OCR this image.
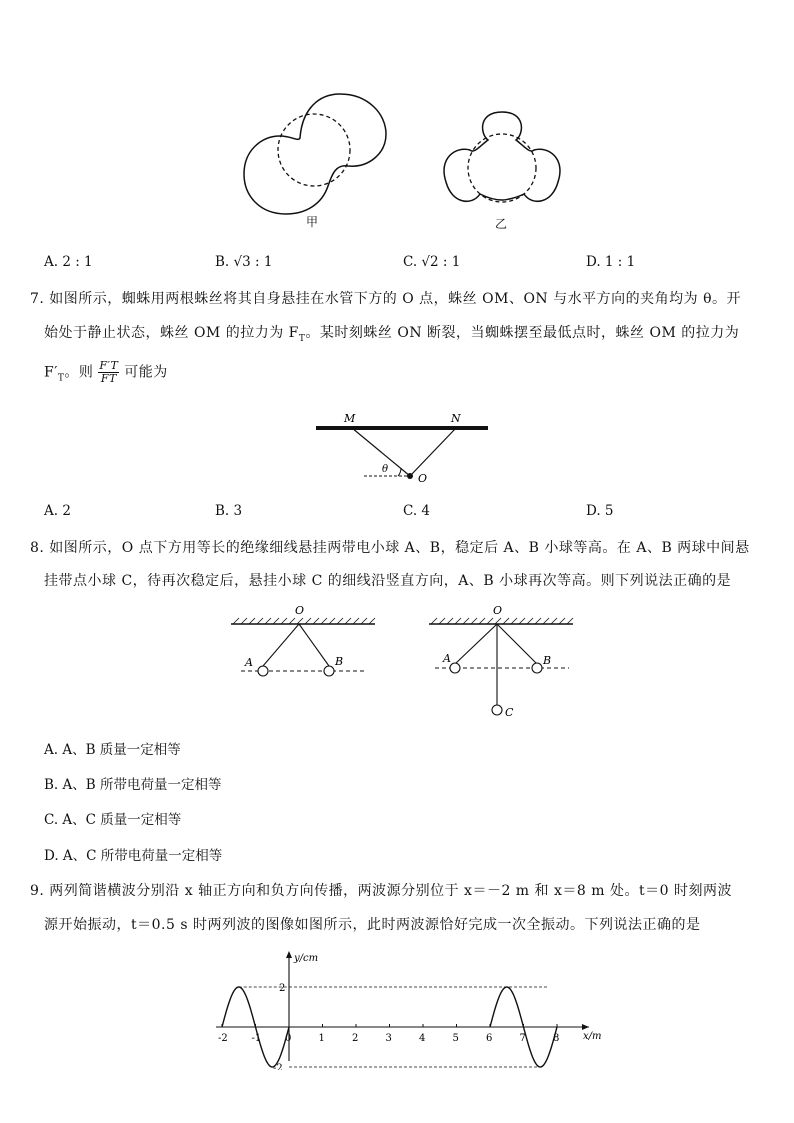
甲	乙
A. 2 : 1	B. √3 : 1	C. √2 : 1	D. 1 : 1
7. 如图所示，蜘蛛用两根蛛丝将其自身悬挂在水管下方的 O 点，蛛丝 OM、ON 与水平方向的夹角均为 θ。开
始处于静止状态，蛛丝 OM 的拉力为 $F_T$。某时刻蛛丝 ON 断裂，当蜘蛛摆至最低点时，蛛丝 OM 的拉力为
$F'_T$。则 $\frac{F'T}{FT}$ 可能为
M	N
O
θ
A. 2	B. 3	C. 4	D. 5
8. 如图所示，O 点下方用等长的绝缘细线悬挂两带电小球 A、B，稳定后 A、B 小球等高。在 A、B 两球中间悬
挂带点小球 C，待再次稳定后，悬挂小球 C 的细线沿竖直方向，A、B 小球再次等高。则下列说法正确的是
O
A	B
O
A	B
C
A. A、B 质量一定相等
B. A、B 所带电荷量一定相等
C. A、C 质量一定相等
D. A、C 所带电荷量一定相等
9. 两列简谐横波分别沿 x 轴正方向和负方向传播，两波源分别位于 x＝－2 m 和 x＝8 m 处。t＝0 时刻两波
源开始振动，t＝0.5 s 时两列波的图像如图所示，此时两波源恰好完成一次全振动。下列说法正确的是
y/cm
x/m
2
-2
-2 -1 0	1	2	3	4	5	6	7	8
